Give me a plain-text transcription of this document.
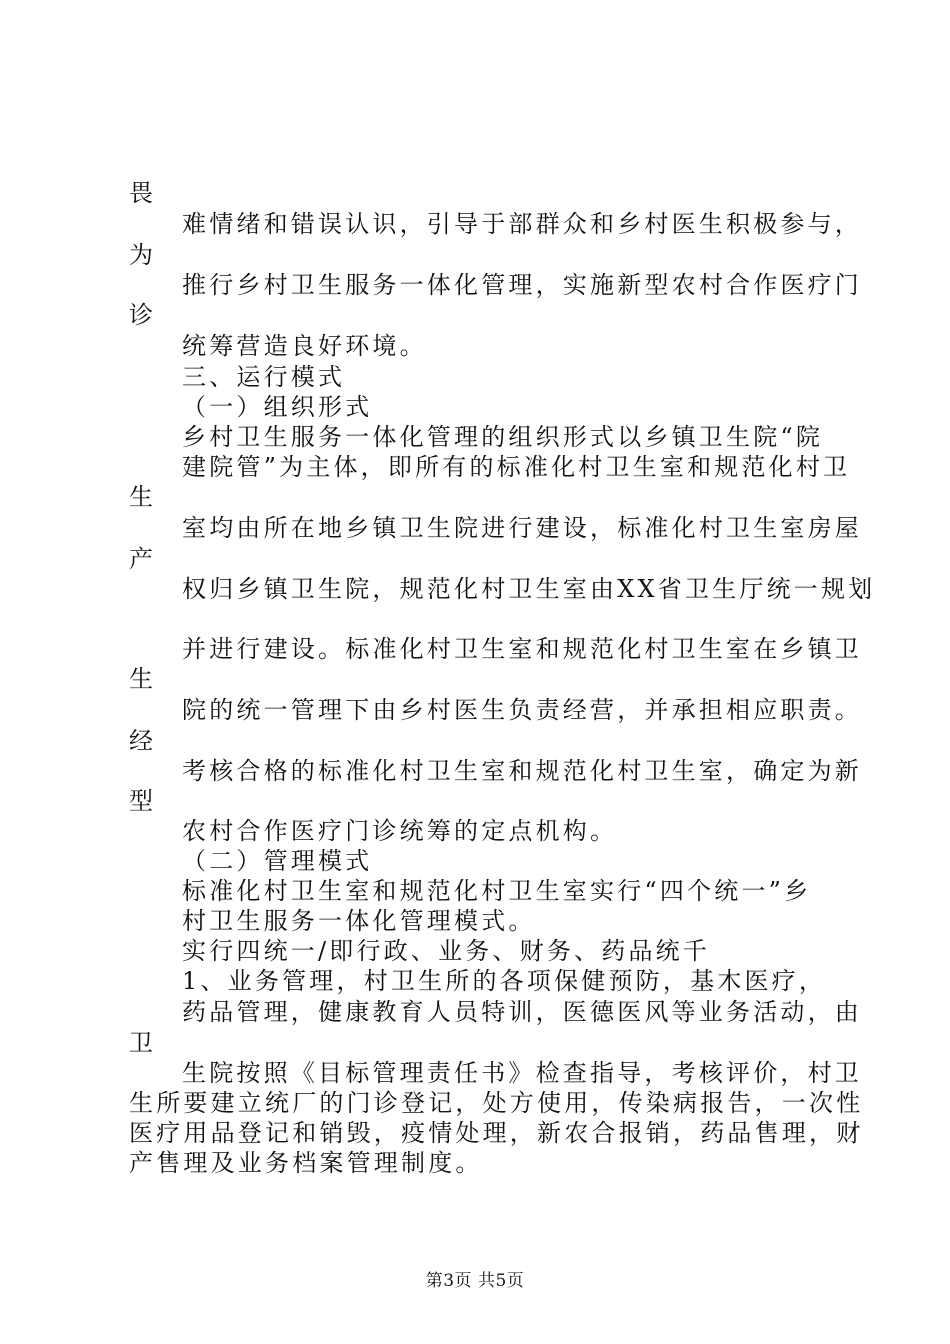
畏
为
诊
生
产
生
经
型
卫
难情绪和错误认识，引导于部群众和乡村医生积极参与，
推行乡村卫生服务一体化管理，实施新型农村合作医疗门
统筹营造良好环境。
三、运行模式
（一）组织形式
乡村卫生服务一体化管理的组织形式以乡镇卫生院“院
建院管”为主体，即所有的标准化村卫生室和规范化村卫
室均由所在地乡镇卫生院进行建设，标准化村卫生室房屋
权归乡镇卫生院，规范化村卫生室由XX省卫生厅统一规划
并进行建设。标准化村卫生室和规范化村卫生室在乡镇卫
院的统一管理下由乡村医生负责经营，并承担相应职责。
考核合格的标准化村卫生室和规范化村卫生室，确定为新
农村合作医疗门诊统筹的定点机构。
（二）管理模式
标准化村卫生室和规范化村卫生室实行“四个统一”乡
村卫生服务一体化管理模式。
实行四统一/即行政、业务、财务、药品统千
1、业务管理，村卫生所的各项保健预防，基木医疗，
药品管理，健康教育人员特训，医德医风等业务活动，由
生院按照《目标管理责任书》检查指导，考核评价，村卫
生所要建立统厂的门诊登记，处方使用，传染病报告，一次性
医疗用品登记和销毁，疫情处理，新农合报销，药品售理，财
产售理及业务档案管理制度。
第3页 共5页
